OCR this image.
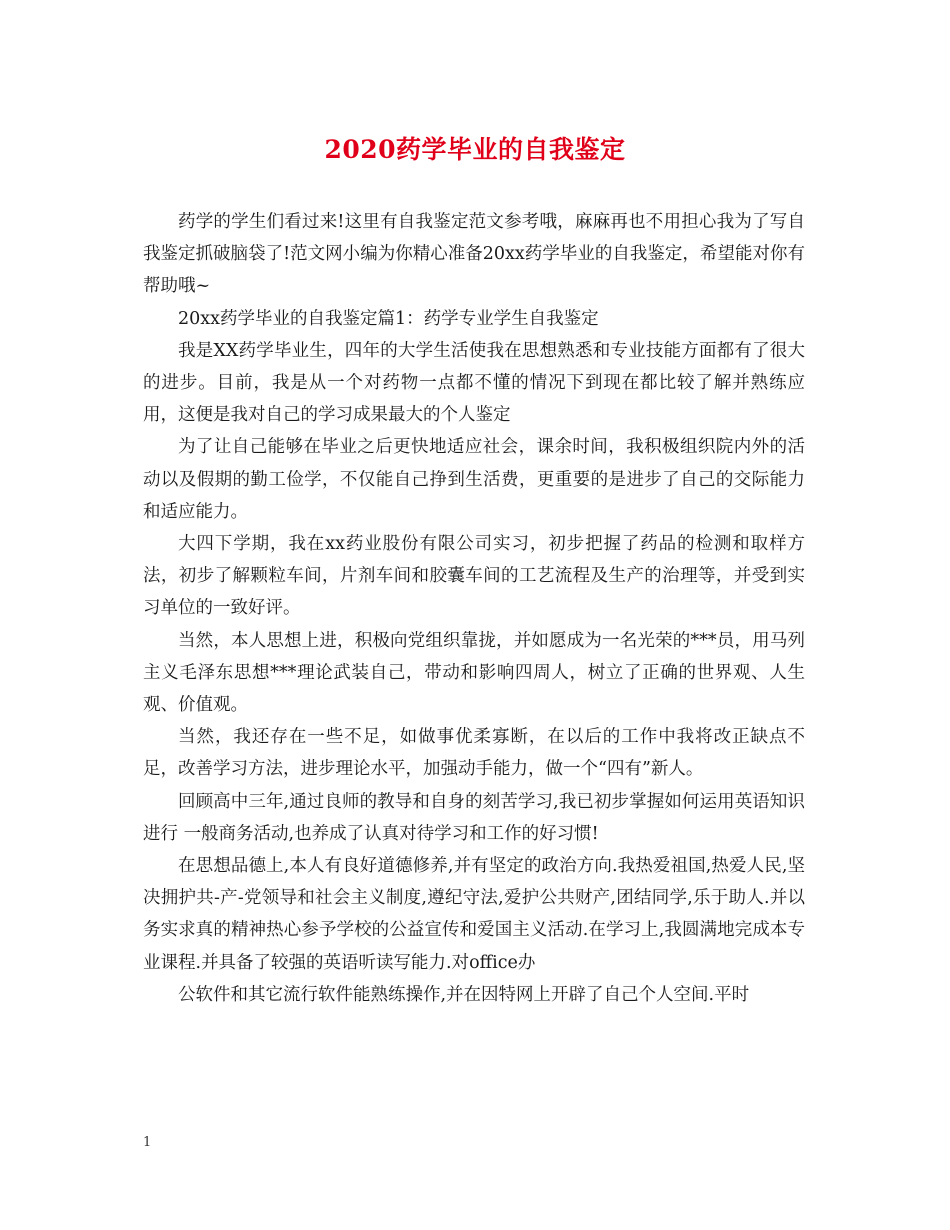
2020药学毕业的自我鉴定

药学的学生们看过来!这里有自我鉴定范文参考哦，麻麻再也不用担心我为了写自我鉴定抓破脑袋了!范文网小编为你精心准备20xx药学毕业的自我鉴定，希望能对你有帮助哦~

20xx药学毕业的自我鉴定篇1：药学专业学生自我鉴定

我是XX药学毕业生，四年的大学生活使我在思想熟悉和专业技能方面都有了很大的进步。目前，我是从一个对药物一点都不懂的情况下到现在都比较了解并熟练应用，这便是我对自己的学习成果最大的个人鉴定

为了让自己能够在毕业之后更快地适应社会，课余时间，我积极组织院内外的活动以及假期的勤工俭学，不仅能自己挣到生活费，更重要的是进步了自己的交际能力和适应能力。

大四下学期，我在xx药业股份有限公司实习，初步把握了药品的检测和取样方法，初步了解颗粒车间，片剂车间和胶囊车间的工艺流程及生产的治理等，并受到实习单位的一致好评。

当然，本人思想上进，积极向党组织靠拢，并如愿成为一名光荣的***员，用马列主义毛泽东思想***理论武装自己，带动和影响四周人，树立了正确的世界观、人生观、价值观。

当然，我还存在一些不足，如做事优柔寡断，在以后的工作中我将改正缺点不足，改善学习方法，进步理论水平，加强动手能力，做一个“四有”新人。

回顾高中三年,通过良师的教导和自身的刻苦学习,我已初步掌握如何运用英语知识进行 一般商务活动,也养成了认真对待学习和工作的好习惯!

在思想品德上,本人有良好道德修养,并有坚定的政治方向.我热爱祖国,热爱人民,坚决拥护共-产-党领导和社会主义制度,遵纪守法,爱护公共财产,团结同学,乐于助人.并以务实求真的精神热心参予学校的公益宣传和爱国主义活动.在学习上,我圆满地完成本专业课程.并具备了较强的英语听读写能力.对office办

公软件和其它流行软件能熟练操作,并在因特网上开辟了自己个人空间.平时

1
